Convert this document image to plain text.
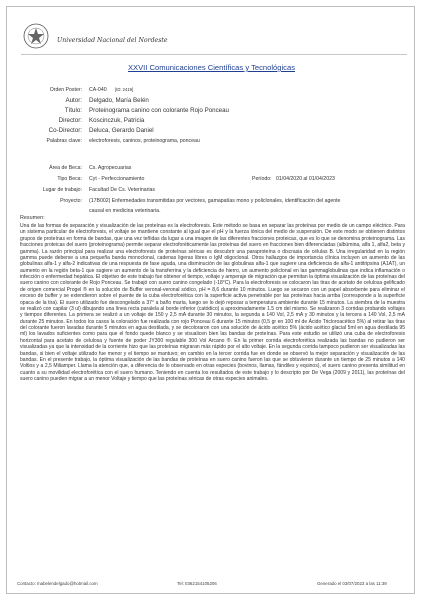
Universidad Nacional del Nordeste
XXVII Comunicaciones Científicas y Tecnológicas
Orden Poster: CA-040 [ID: 2419]
Autor: Delgado, María Belén
Título: Proteinograma canino con colorante Rojo Ponceau
Director: Koscinczuk, Patricia
Co-Director: Deluca, Gerardo Daniel
Palabras clave: electroforesis, caninos, proteinograma, ponceau
Área de Beca: Cs. Agropecuarias
Tipo Beca: Cyt - Perfeccionamiento	Período: 01/04/2020 al 01/04/2023
Lugar de trabajo: Facultad De Cs. Veterinarias
Proyecto: (17B002) Enfermedades transmitidas por vectores, gamapatías mono y policlonales, identificación del agente
causal en medicina veterinaria.
Resumen:
Una de las formas de separación y visualización de las proteínas es la electroforesis. Este método se basa en separar las proteínas por medio de un campo eléctrico. Para un sistema particular de electroforesis, el voltaje se mantiene constante al igual que el pH y la fuerza iónica del medio de suspensión. De este modo se obtienen distintos grupos de proteínas en forma de bandas, que una vez teñidas da lugar a una imagen de las diferentes fracciones proteicas, que es lo que se denomina proteinograma. Las fracciones proteicas del suero (proteinograma) permite separar electroforéticamente las proteínas del suero en fracciones bien diferenciadas (albúmina, alfa 1, alfa2, beta y gamma). La razón principal para realizar una electroforesis de proteínas séricas es descubrir una paraproteína o discrasia de células B. Una irregularidad en la región gamma puede deberse a una pequeña banda monoclonal, cadenas ligeras libres o IgM oligoclonal. Otros hallazgos de importancia clínica incluyen un aumento de las globulinas alfa-1 y alfa-2 indicativas de una respuesta de fase aguda, una disminución de las globulinas alfa-1 que sugiere una deficiencia de alfa-1 antitripsina (A1AT), un aumento en la región beta-1 que sugiere un aumento de la transferrina y la deficiencia de hierro, un aumento policlonal en las gammaglobulinas que indica inflamación o infección o enfermedad hepática. El objetivo de este trabajo fue obtener el tiempo, voltaje y amperaje de migración que permitan la óptima visualización de las proteínas del suero canino con colorante de Rojo Ponceau. Se trabajó con suero canino congelado (-18°C). Para la electroforesis se colocaron las tiras de acetato de celulosa gelificado de origen comercial Progel ® en la solución de Buffer veronal-veronal sódico, pH = 8,6 durante 10 minutos. Luego se secaron con un papel absorbente para eliminar el exceso de buffer y se extendieron sobre el puente de la cuba electroforética con la superficie activa penetrable por las proteínas hacia arriba (corresponde a la superficie opaca de la tira). El suero utilizado fue descongelado a 37° a baño maría, luego se lo dejó reposar a temperatura ambiente durante 15 minutos. La siembra de la muestra se realizó con capilar (3 ul) dibujando una línea recta paralela al borde inferior (catódico) a aproximadamente 1.5 cm del mismo. Se realizaron 3 corridas probando voltajes y tiempos diferentes. La primera se realizó a un voltaje de 150 y 2,5 mA durante 30 minutos, la segunda a 140 Vol, 2,5 mA y 30 minutos y la tercera a 140 Vol, 2,5 mA durante 25 minutos. En todos los casos la coloración fue realizada con rojo Ponceau 6 durante 15 minutos (0,5 gr en 100 ml de Ácido Tricloroacético 5%) al retirar las tiras del colorante fueron lavadas durante 5 minutos en agua destilada, y se decoloraron con una solución de ácido acético 5% (ácido acético glacial 5ml en agua destilada 95 ml) los lavados suficientes como para que el fondo quede blanco y se visualicen bien las bandas de proteínas. Para este estudio se utilizó una cuba de electroforesis horizontal para acetato de celulosa y fuente de poder JY300 regulable 300 Vol Arcano ®. En la primer corrida electroforética realizada las bandas no pudieron ser visualizadas ya que la intensidad de la corriente hizo que las proteínas migraran más rápido por el alto voltaje. En la segunda corrida tampoco pudieron ser visualizadas las bandas, si bien el voltaje utilizado fue menor y el tiempo se mantuvo; en cambio en la tercer corrida fue en donde se observó la mejor separación y visualización de las bandas. En el presente trabajo, la óptima visualización de las bandas de proteínas en suero canino fueron las que se obtuvieron durante un tiempo de 25 minutos a 140 Voltios y a 2,5 Miliamper. Llama la atención que, a diferencia de lo observado en otras especies (bovinos, llamas, fándiles y equinos), el suero canino presenta similitud en cuanto a su movilidad electroforética con el suero humano. Teniendo en cuenta los resultados de este trabajo y lo descripto por De Vega (2009 y 2011), las proteínas del suero canino pueden migrar a un menor Voltaje y tiempo que las proteínas séricas de otras especies animales.
Contacto: mabelendelgado@hotmail.com	Tel: 0362154105206	Generado el 03/07/2023 a las 11:39
